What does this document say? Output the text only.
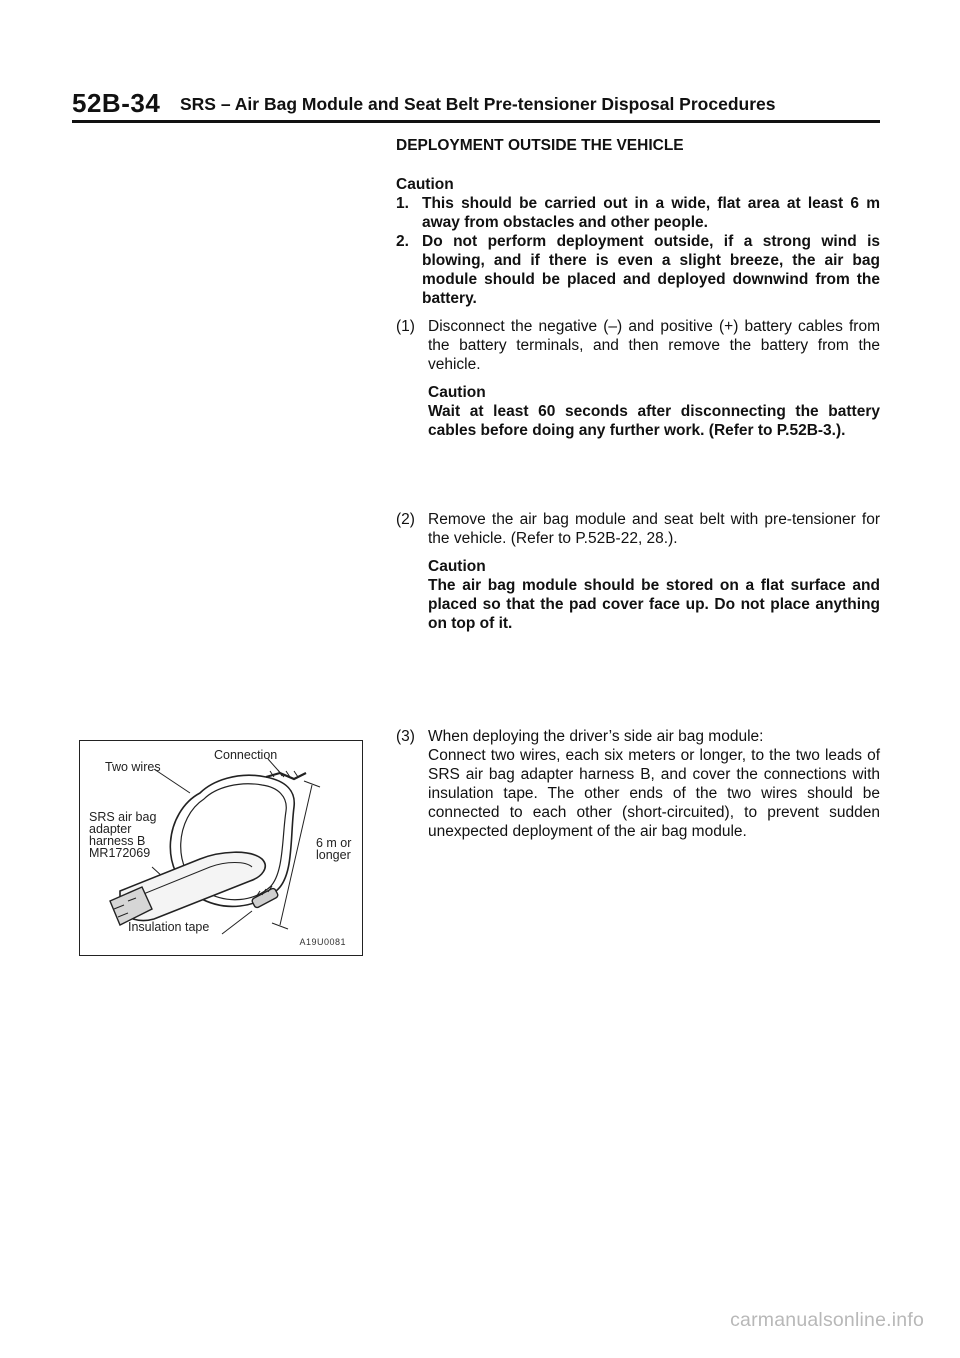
52B-34 SRS – Air Bag Module and Seat Belt Pre-tensioner Disposal Procedures
DEPLOYMENT OUTSIDE THE VEHICLE
Caution
1. This should be carried out in a wide, flat area at least 6 m away from obstacles and other people.
2. Do not perform deployment outside, if a strong wind is blowing, and if there is even a slight breeze, the air bag module should be placed and deployed downwind from the battery.
(1) Disconnect the negative (–) and positive (+) battery cables from the battery terminals, and then remove the battery from the vehicle.
Caution
Wait at least 60 seconds after disconnecting the battery cables before doing any further work. (Refer to P.52B-3.).
(2) Remove the air bag module and seat belt with pre-tensioner for the vehicle. (Refer to P.52B-22, 28.).
Caution
The air bag module should be stored on a flat surface and placed so that the pad cover face up. Do not place anything on top of it.
(3) When deploying the driver’s side air bag module:
Connect two wires, each six meters or longer, to the two leads of SRS air bag adapter harness B, and cover the connections with insulation tape. The other ends of the two wires should be connected to each other (short-circuited), to prevent sudden unexpected deployment of the air bag module.
Two wires
Connection
SRS air bag
adapter
harness B
MR172069
6 m or
longer
Insulation tape
A19U0081
carmanualsonline.info
